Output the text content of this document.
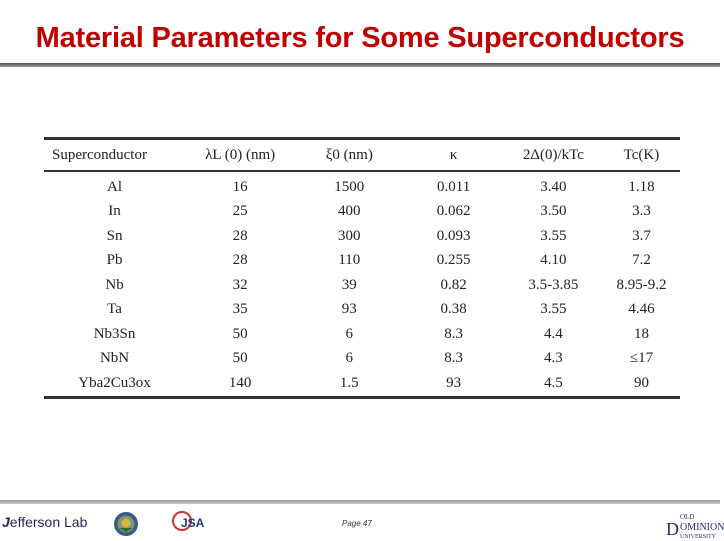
Material Parameters for Some Superconductors
Superconductor	λL (0) (nm)	ξ0 (nm)	κ	2Δ(0)/kTc	Tc(K)
Al	16	1500	0.011	3.40	1.18
In	25	400	0.062	3.50	3.3
Sn	28	300	0.093	3.55	3.7
Pb	28	110	0.255	4.10	7.2
Nb	32	39	0.82	3.5-3.85	8.95-9.2
Ta	35	93	0.38	3.55	4.46
Nb3Sn	50	6	8.3	4.4	18
NbN	50	6	8.3	4.3	≤17
Yba2Cu3ox	140	1.5	93	4.5	90
Jefferson Lab	JSA	Page 47	D
OLD
OMINION
UNIVERSITY
